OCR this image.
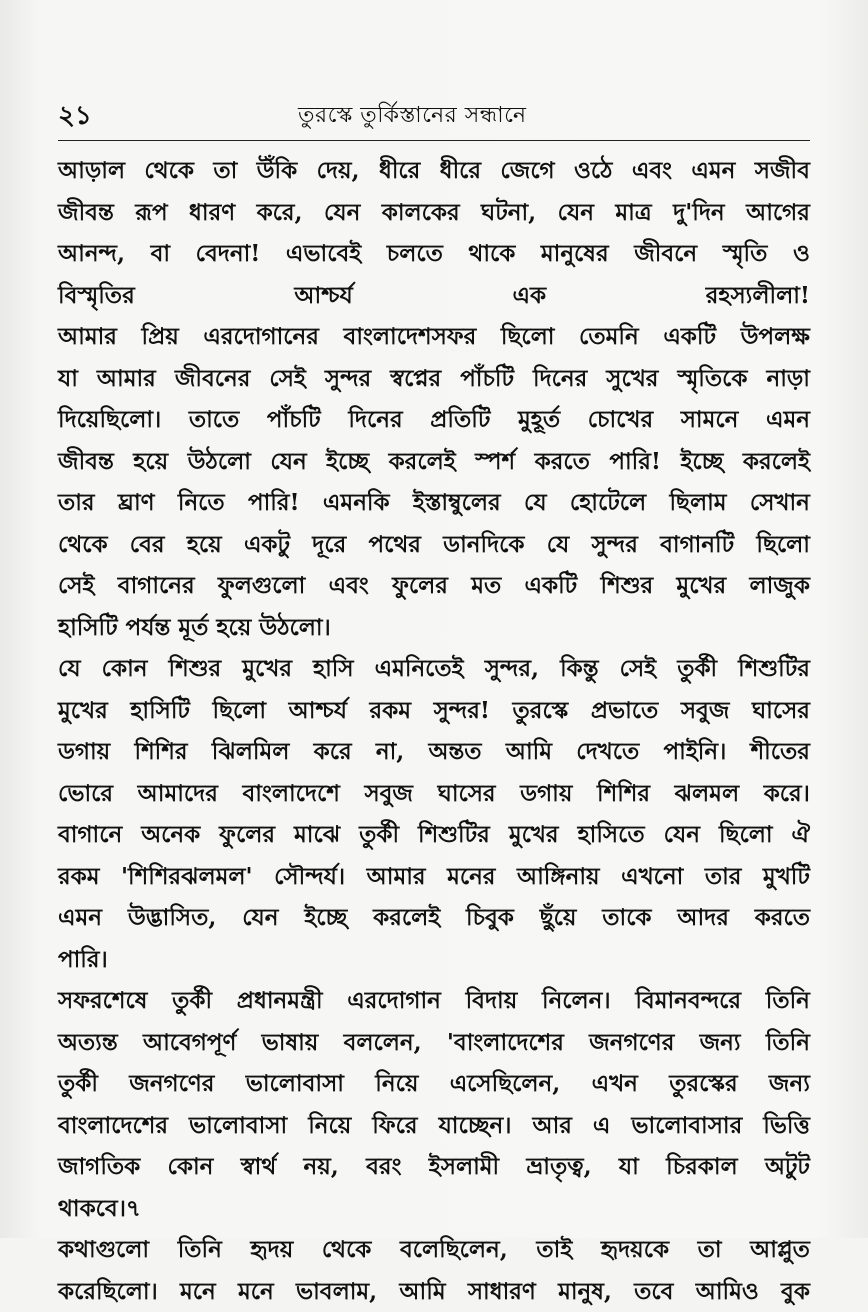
২১	তুরস্কে তুর্কিস্তানের সন্ধানে
আড়াল থেকে তা উঁকি দেয়, ধীরে ধীরে জেগে ওঠে এবং এমন সজীব
জীবন্ত রূপ ধারণ করে, যেন কালকের ঘটনা, যেন মাত্র দু'দিন আগের
আনন্দ, বা বেদনা! এভাবেই চলতে থাকে মানুষের জীবনে স্মৃতি ও
বিস্মৃতির	আশ্চর্য	এক	রহস্যলীলা!
আমার প্রিয় এরদোগানের বাংলাদেশসফর ছিলো তেমনি একটি উপলক্ষ
যা আমার জীবনের সেই সুন্দর স্বপ্নের পাঁচটি দিনের সুখের স্মৃতিকে নাড়া
দিয়েছিলো। তাতে পাঁচটি দিনের প্রতিটি মুহূর্ত চোখের সামনে এমন
জীবন্ত হয়ে উঠলো যেন ইচ্ছে করলেই স্পর্শ করতে পারি! ইচ্ছে করলেই
তার ঘ্রাণ নিতে পারি! এমনকি ইস্তাম্বুলের যে হোটেলে ছিলাম সেখান
থেকে বের হয়ে একটু দূরে পথের ডানদিকে যে সুন্দর বাগানটি ছিলো
সেই বাগানের ফুলগুলো এবং ফুলের মত একটি শিশুর মুখের লাজুক
হাসিটি পর্যন্ত মূর্ত হয়ে উঠলো।
যে কোন শিশুর মুখের হাসি এমনিতেই সুন্দর, কিন্তু সেই তুর্কী শিশুটির
মুখের হাসিটি ছিলো আশ্চর্য রকম সুন্দর! তুরস্কে প্রভাতে সবুজ ঘাসের
ডগায় শিশির ঝিলমিল করে না, অন্তত আমি দেখতে পাইনি। শীতের
ভোরে আমাদের বাংলাদেশে সবুজ ঘাসের ডগায় শিশির ঝলমল করে।
বাগানে অনেক ফুলের মাঝে তুর্কী শিশুটির মুখের হাসিতে যেন ছিলো ঐ
রকম 'শিশিরঝলমল' সৌন্দর্য। আমার মনের আঙ্গিনায় এখনো তার মুখটি
এমন উদ্ভাসিত, যেন ইচ্ছে করলেই চিবুক ছুঁয়ে তাকে আদর করতে
পারি।
সফরশেষে তুর্কী প্রধানমন্ত্রী এরদোগান বিদায় নিলেন। বিমানবন্দরে তিনি
অত্যন্ত আবেগপূর্ণ ভাষায় বললেন, 'বাংলাদেশের জনগণের জন্য তিনি
তুর্কী জনগণের ভালোবাসা নিয়ে এসেছিলেন, এখন তুরস্কের জন্য
বাংলাদেশের ভালোবাসা নিয়ে ফিরে যাচ্ছেন। আর এ ভালোবাসার ভিত্তি
জাগতিক কোন স্বার্থ নয়, বরং ইসলামী ভ্রাতৃত্ব, যা চিরকাল অটুট
থাকবে।৭
কথাগুলো তিনি হৃদয় থেকে বলেছিলেন, তাই হৃদয়কে তা আপ্লুত
করেছিলো। মনে মনে ভাবলাম, আমি সাধারণ মানুষ, তবে আমিও বুক
